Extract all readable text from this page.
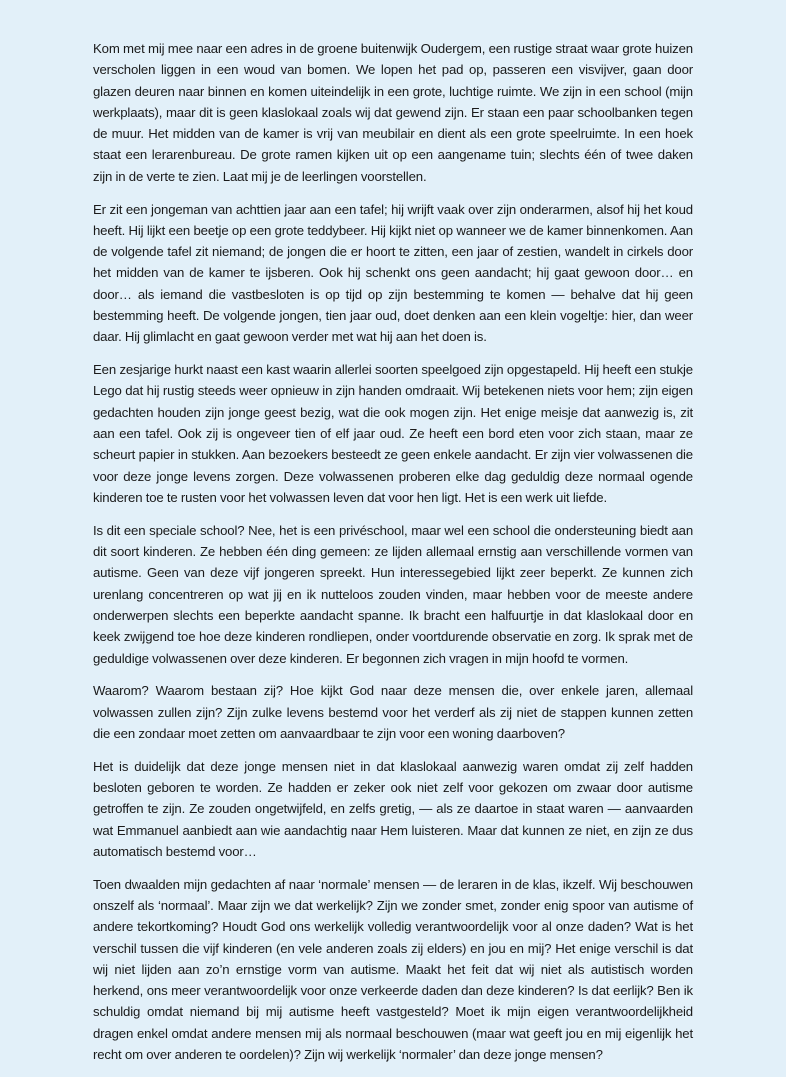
Kom met mij mee naar een adres in de groene buitenwijk Oudergem, een rustige straat waar grote huizen verscholen liggen in een woud van bomen. We lopen het pad op, passeren een visvijver, gaan door glazen deuren naar binnen en komen uiteindelijk in een grote, luchtige ruimte. We zijn in een school (mijn werkplaats), maar dit is geen klaslokaal zoals wij dat gewend zijn. Er staan een paar schoolbanken tegen de muur. Het midden van de kamer is vrij van meubilair en dient als een grote speelruimte. In een hoek staat een lerarenbureau. De grote ramen kijken uit op een aangename tuin; slechts één of twee daken zijn in de verte te zien. Laat mij je de leerlingen voorstellen.

Er zit een jongeman van achttien jaar aan een tafel; hij wrijft vaak over zijn onderarmen, alsof hij het koud heeft. Hij lijkt een beetje op een grote teddybeer. Hij kijkt niet op wanneer we de kamer binnenkomen. Aan de volgende tafel zit niemand; de jongen die er hoort te zitten, een jaar of zestien, wandelt in cirkels door het midden van de kamer te ijsberen. Ook hij schenkt ons geen aandacht; hij gaat gewoon door… en door… als iemand die vastbesloten is op tijd op zijn bestemming te komen — behalve dat hij geen bestemming heeft. De volgende jongen, tien jaar oud, doet denken aan een klein vogeltje: hier, dan weer daar. Hij glimlacht en gaat gewoon verder met wat hij aan het doen is.

Een zesjarige hurkt naast een kast waarin allerlei soorten speelgoed zijn opgestapeld. Hij heeft een stukje Lego dat hij rustig steeds weer opnieuw in zijn handen omdraait. Wij betekenen niets voor hem; zijn eigen gedachten houden zijn jonge geest bezig, wat die ook mogen zijn. Het enige meisje dat aanwezig is, zit aan een tafel. Ook zij is ongeveer tien of elf jaar oud. Ze heeft een bord eten voor zich staan, maar ze scheurt papier in stukken. Aan bezoekers besteedt ze geen enkele aandacht. Er zijn vier volwassenen die voor deze jonge levens zorgen. Deze volwassenen proberen elke dag geduldig deze normaal ogende kinderen toe te rusten voor het volwassen leven dat voor hen ligt. Het is een werk uit liefde.

Is dit een speciale school? Nee, het is een privéschool, maar wel een school die ondersteuning biedt aan dit soort kinderen. Ze hebben één ding gemeen: ze lijden allemaal ernstig aan verschillende vormen van autisme. Geen van deze vijf jongeren spreekt. Hun interessegebied lijkt zeer beperkt. Ze kunnen zich urenlang concentreren op wat jij en ik nutteloos zouden vinden, maar hebben voor de meeste andere onderwerpen slechts een beperkte aandacht spanne. Ik bracht een halfuurtje in dat klaslokaal door en keek zwijgend toe hoe deze kinderen rondliepen, onder voortdurende observatie en zorg. Ik sprak met de geduldige volwassenen over deze kinderen. Er begonnen zich vragen in mijn hoofd te vormen.

Waarom? Waarom bestaan zij? Hoe kijkt God naar deze mensen die, over enkele jaren, allemaal volwassen zullen zijn? Zijn zulke levens bestemd voor het verderf als zij niet de stappen kunnen zetten die een zondaar moet zetten om aanvaardbaar te zijn voor een woning daarboven?

Het is duidelijk dat deze jonge mensen niet in dat klaslokaal aanwezig waren omdat zij zelf hadden besloten geboren te worden. Ze hadden er zeker ook niet zelf voor gekozen om zwaar door autisme getroffen te zijn. Ze zouden ongetwijfeld, en zelfs gretig, — als ze daartoe in staat waren — aanvaarden wat Emmanuel aanbiedt aan wie aandachtig naar Hem luisteren. Maar dat kunnen ze niet, en zijn ze dus automatisch bestemd voor…

Toen dwaalden mijn gedachten af naar ‘normale’ mensen — de leraren in de klas, ikzelf. Wij beschouwen onszelf als ‘normaal’. Maar zijn we dat werkelijk? Zijn we zonder smet, zonder enig spoor van autisme of andere tekortkoming? Houdt God ons werkelijk volledig verantwoordelijk voor al onze daden? Wat is het verschil tussen die vijf kinderen (en vele anderen zoals zij elders) en jou en mij? Het enige verschil is dat wij niet lijden aan zo’n ernstige vorm van autisme. Maakt het feit dat wij niet als autistisch worden herkend, ons meer verantwoordelijk voor onze verkeerde daden dan deze kinderen? Is dat eerlijk? Ben ik schuldig omdat niemand bij mij autisme heeft vastgesteld? Moet ik mijn eigen verantwoordelijkheid dragen enkel omdat andere mensen mij als normaal beschouwen (maar wat geeft jou en mij eigenlijk het recht om over anderen te oordelen)? Zijn wij werkelijk ‘normaler’ dan deze jonge mensen?
